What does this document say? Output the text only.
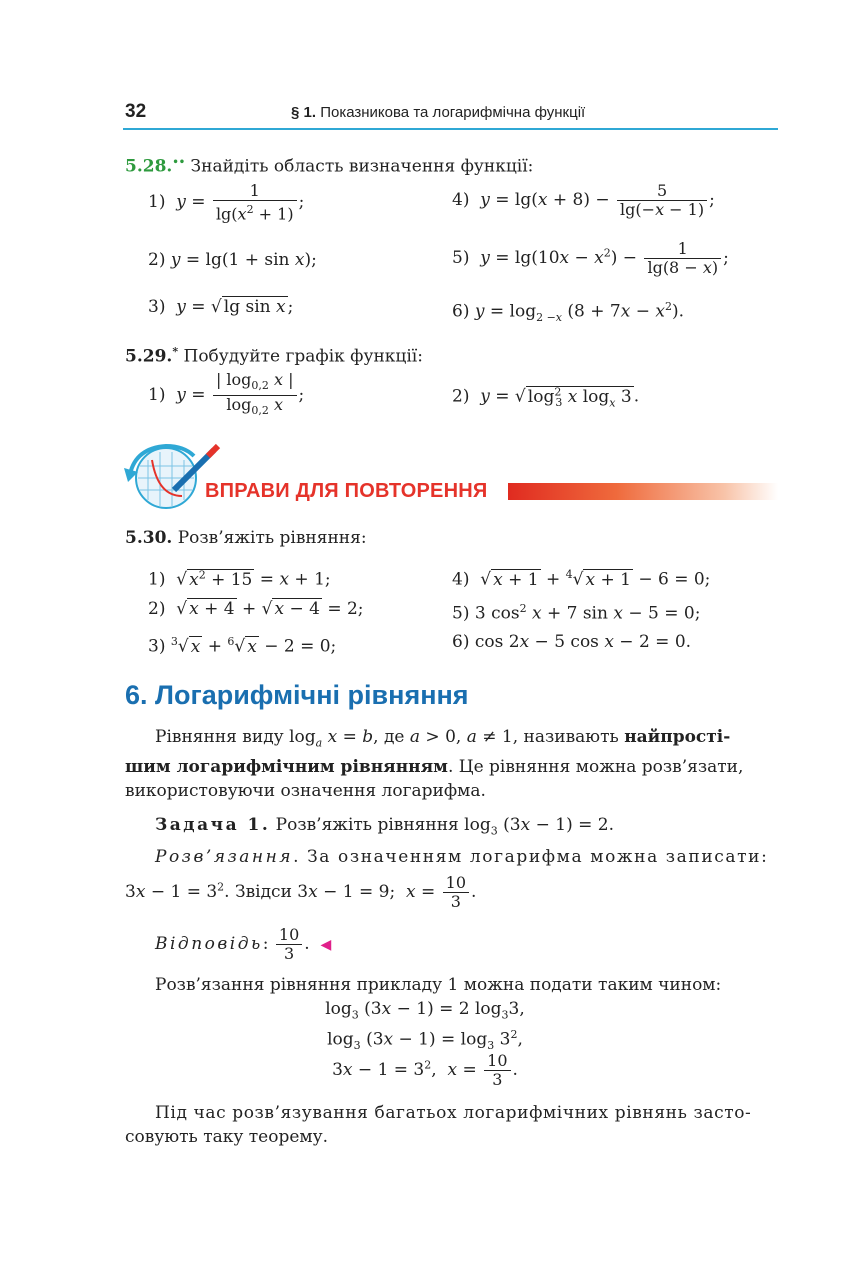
32	§ 1. Показникова та логарифмічна функції
5.28.•• Знайдіть область визначення функції:
1)  $y = \frac{1}{\lg(x^2 + 1)}$ ;	4)  $y = \lg(x + 8) - \frac{5}{\lg(-x - 1)}$ ;
2) y = lg(1 + sin x);	5)  $y = \lg(10x - x^2) - \frac{1}{\lg(8 - x)}$ ;
3)  y = √ lg sin x ;	6) $y = \log_{2 -x} (8 + 7x - x^2)$.
5.29.* Побудуйте графік функції:
1)  $y = \frac{| \log_{0,2} x |}{\log_{0,2} x}$ ;	2)  y = √ $\log^2_3 x$ $\log_x 3$ .
ВПРАВИ ДЛЯ ПОВТОРЕННЯ
5.30. Розв’яжіть рівняння:
1)  √ $x^2 + 15 = x + 1$;	4)  √ x + 1 + $^4$√ x + 1 − 6 = 0;
2)  √ x + 4 + √ x − 4 = 2;	5) 3 $\cos^2 x + 7$ sin x − 5 = 0;
3) $^3$√ x + $^6$√ x − 2 = 0;	6) cos 2x − 5 cos x − 2 = 0.
6. Логарифмічні рівняння
Рівняння виду $\log_a x = b$, де a > 0, a ≠ 1, називають найпрості-
шим логарифмічним рівнянням. Це рівняння можна розв’язати,
використовуючи означення логарифма.
Задача 1. Розв’яжіть рівняння $\log_3 (3x - 1) = 2$.
Розв’язання. За означенням логарифма можна записати:
$3x - 1 = 3^2$. Звідси 3x − 1 = 9;  $x = \frac{10}{3}$ .
Відповідь: $\frac{10}{3}$ .  ◀
Розв’язання рівняння прикладу 1 можна подати таким чином:
$\log_3 (3x - 1) = 2$ $\log_33$,
$\log_3 (3x - 1) = \log_3 3^2$,
$3x - 1 = 3^2$,  $x = \frac{10}{3}$ .
Під час розв’язування багатьох логарифмічних рівнянь засто-
совують таку теорему.
